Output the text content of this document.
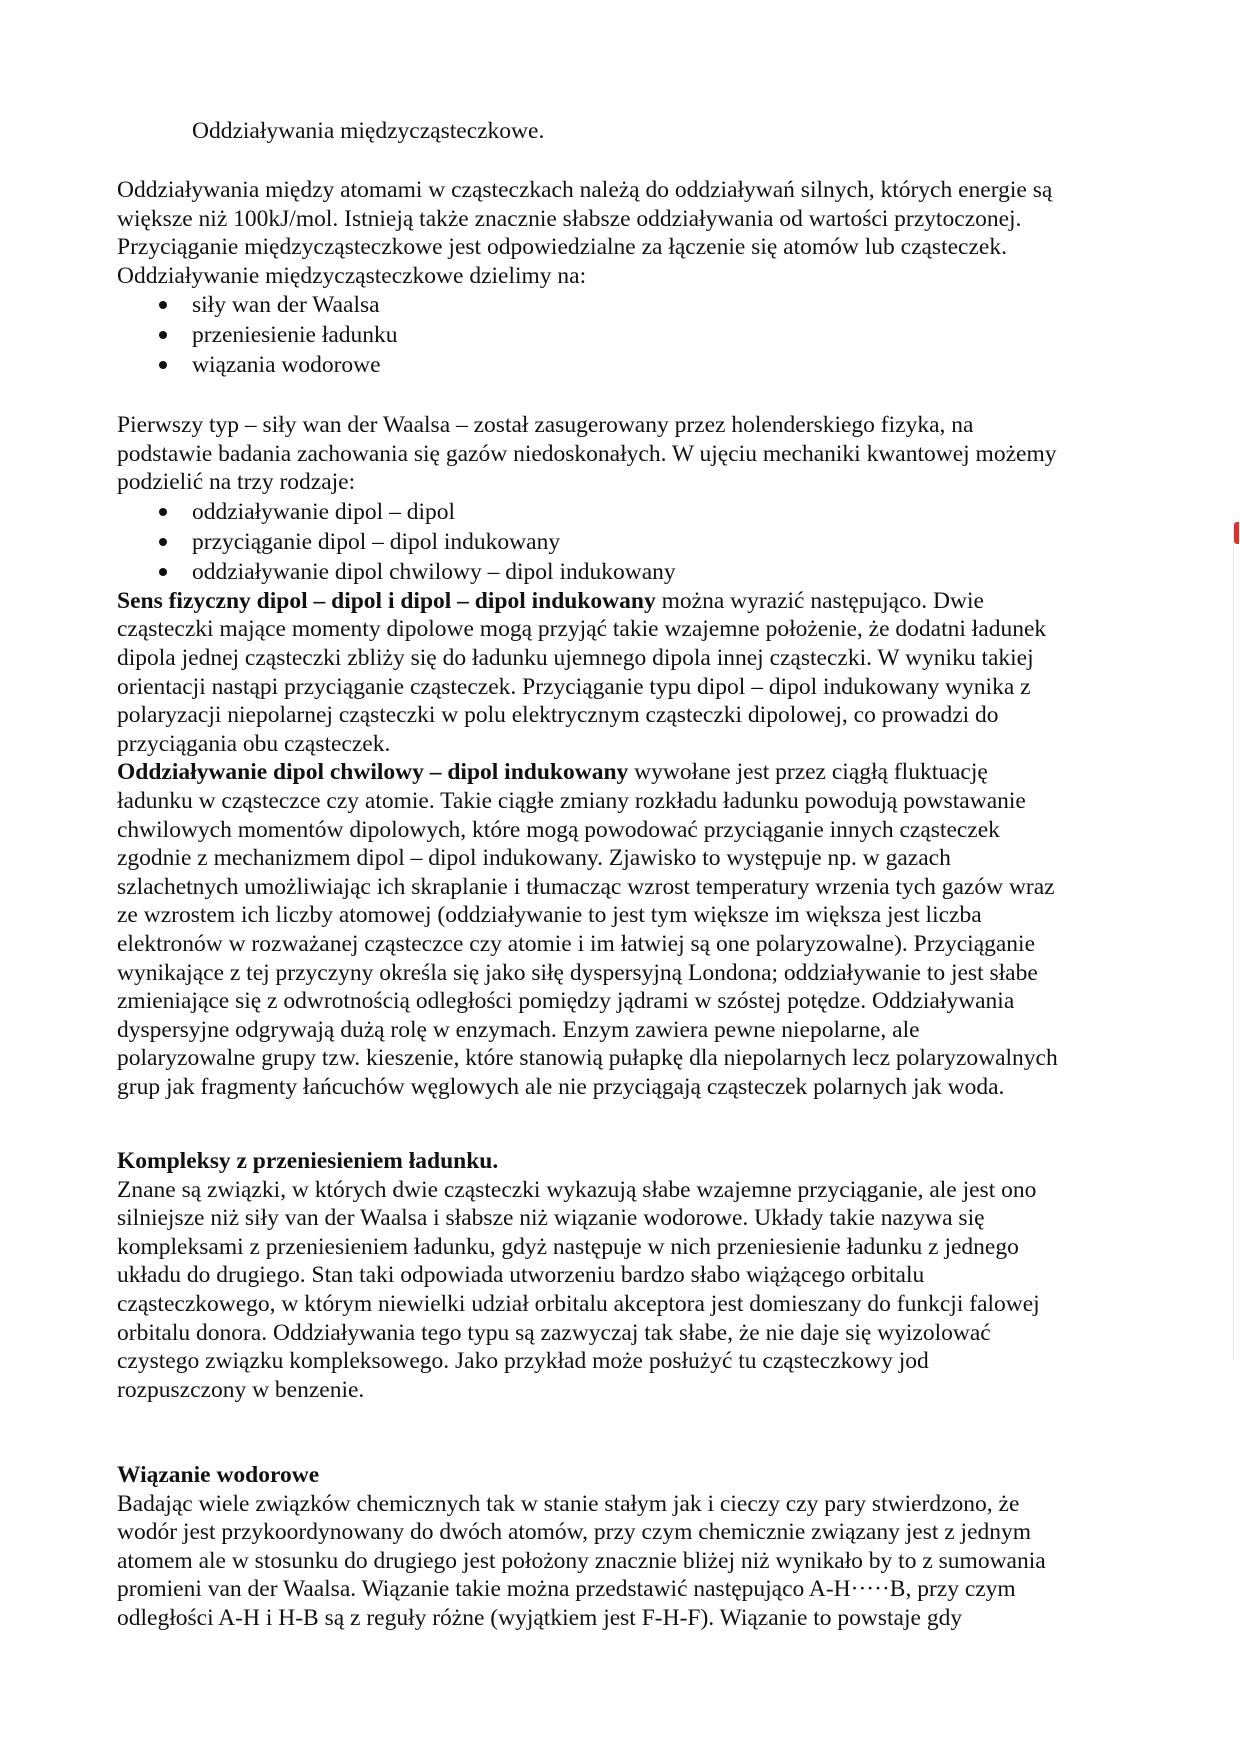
Oddziaływania międzycząsteczkowe.

Oddziaływania między atomami w cząsteczkach należą do oddziaływań silnych, których energie są

większe niż 100kJ/mol. Istnieją także znacznie słabsze oddziaływania od wartości przytoczonej.

Przyciąganie międzycząsteczkowe jest odpowiedzialne za łączenie się atomów lub cząsteczek.

Oddziaływanie międzycząsteczkowe dzielimy na:

siły wan der Waalsa
przeniesienie ładunku
wiązania wodorowe

Pierwszy typ – siły wan der Waalsa – został zasugerowany przez holenderskiego fizyka, na

podstawie badania zachowania się gazów niedoskonałych. W ujęciu mechaniki kwantowej możemy

podzielić na trzy rodzaje:

oddziaływanie dipol – dipol
przyciąganie dipol – dipol indukowany
oddziaływanie dipol chwilowy – dipol indukowany

Sens fizyczny dipol – dipol i dipol – dipol indukowany można wyrazić następująco. Dwie

cząsteczki mające momenty dipolowe mogą przyjąć takie wzajemne położenie, że dodatni ładunek

dipola jednej cząsteczki zbliży się do ładunku ujemnego dipola innej cząsteczki. W wyniku takiej

orientacji nastąpi przyciąganie cząsteczek. Przyciąganie typu dipol – dipol indukowany wynika z

polaryzacji niepolarnej cząsteczki w polu elektrycznym cząsteczki dipolowej, co prowadzi do

przyciągania obu cząsteczek.

Oddziaływanie dipol chwilowy – dipol indukowany wywołane jest przez ciągłą fluktuację

ładunku w cząsteczce czy atomie. Takie ciągłe zmiany rozkładu ładunku powodują powstawanie

chwilowych momentów dipolowych, które mogą powodować przyciąganie innych cząsteczek

zgodnie z mechanizmem dipol – dipol indukowany. Zjawisko to występuje np. w gazach

szlachetnych umożliwiając ich skraplanie i tłumacząc wzrost temperatury wrzenia tych gazów wraz

ze wzrostem ich liczby atomowej (oddziaływanie to jest tym większe im większa jest liczba

elektronów w rozważanej cząsteczce czy atomie i im łatwiej są one polaryzowalne). Przyciąganie

wynikające z tej przyczyny określa się jako siłę dyspersyjną Londona; oddziaływanie to jest słabe

zmieniające się z odwrotnością odległości pomiędzy jądrami w szóstej potędze. Oddziaływania

dyspersyjne odgrywają dużą rolę w enzymach. Enzym zawiera pewne niepolarne, ale

polaryzowalne grupy tzw. kieszenie, które stanowią pułapkę dla niepolarnych lecz polaryzowalnych

grup jak fragmenty łańcuchów węglowych ale nie przyciągają cząsteczek polarnych jak woda.

Kompleksy z przeniesieniem ładunku.

Znane są związki, w których dwie cząsteczki wykazują słabe wzajemne przyciąganie, ale jest ono

silniejsze niż siły van der Waalsa i słabsze niż wiązanie wodorowe. Układy takie nazywa się

kompleksami z przeniesieniem ładunku, gdyż następuje w nich przeniesienie ładunku z jednego

układu do drugiego. Stan taki odpowiada utworzeniu bardzo słabo wiążącego orbitalu

cząsteczkowego, w którym niewielki udział orbitalu akceptora jest domieszany do funkcji falowej

orbitalu donora. Oddziaływania tego typu są zazwyczaj tak słabe, że nie daje się wyizolować

czystego związku kompleksowego. Jako przykład może posłużyć tu cząsteczkowy jod

rozpuszczony w benzenie.

Wiązanie wodorowe

Badając wiele związków chemicznych tak w stanie stałym jak i cieczy czy pary stwierdzono, że

wodór jest przykoordynowany do dwóch atomów, przy czym chemicznie związany jest z jednym

atomem ale w stosunku do drugiego jest położony znacznie bliżej niż wynikało by to z sumowania

promieni van der Waalsa. Wiązanie takie można przedstawić następująco A-H·····B, przy czym

odległości A-H i H-B są z reguły różne (wyjątkiem jest F-H-F). Wiązanie to powstaje gdy
